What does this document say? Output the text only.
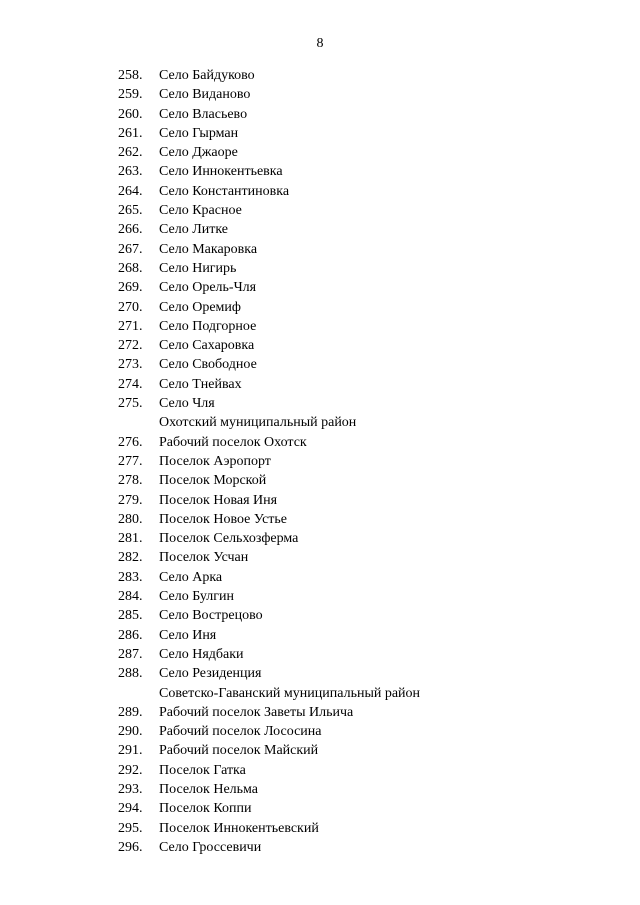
8
258.	Село Байдуково
259.	Село Виданово
260.	Село Власьево
261.	Село Гырман
262.	Село Джаоре
263.	Село Иннокентьевка
264.	Село Константиновка
265.	Село Красное
266.	Село Литке
267.	Село Макаровка
268.	Село Нигирь
269.	Село Орель-Чля
270.	Село Оремиф
271.	Село Подгорное
272.	Село Сахаровка
273.	Село Свободное
274.	Село Тнейвах
275.	Село Чля
Охотский муниципальный район
276.	Рабочий поселок Охотск
277.	Поселок Аэропорт
278.	Поселок Морской
279.	Поселок Новая Иня
280.	Поселок Новое Устье
281.	Поселок Сельхозферма
282.	Поселок Усчан
283.	Село Арка
284.	Село Булгин
285.	Село Вострецово
286.	Село Иня
287.	Село Нядбаки
288.	Село Резиденция
Советско-Гаванский муниципальный район
289.	Рабочий поселок Заветы Ильича
290.	Рабочий поселок Лососина
291.	Рабочий поселок Майский
292.	Поселок Гатка
293.	Поселок Нельма
294.	Поселок Коппи
295.	Поселок Иннокентьевский
296.	Село Гроссевичи
